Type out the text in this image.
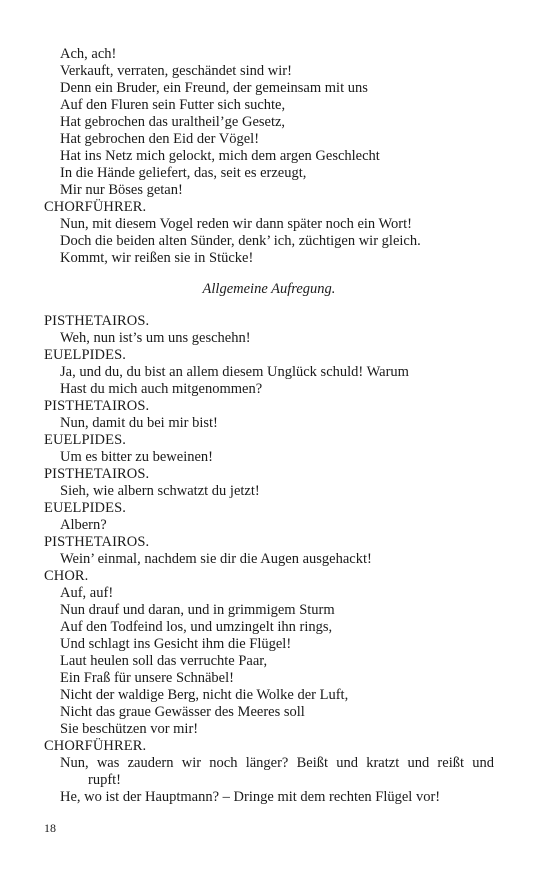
Ach, ach!
Verkauft, verraten, geschändet sind wir!
Denn ein Bruder, ein Freund, der gemeinsam mit uns
Auf den Fluren sein Futter sich suchte,
Hat gebrochen das uraltheil’ge Gesetz,
Hat gebrochen den Eid der Vögel!
Hat ins Netz mich gelockt, mich dem argen Geschlecht
In die Hände geliefert, das, seit es erzeugt,
Mir nur Böses getan!
CHORFÜHRER.
Nun, mit diesem Vogel reden wir dann später noch ein Wort!
Doch die beiden alten Sünder, denk’ ich, züchtigen wir gleich.
Kommt, wir reißen sie in Stücke!
Allgemeine Aufregung.
PISTHETAIROS.
Weh, nun ist’s um uns geschehn!
EUELPIDES.
Ja, und du, du bist an allem diesem Unglück schuld! Warum
Hast du mich auch mitgenommen?
PISTHETAIROS.
Nun, damit du bei mir bist!
EUELPIDES.
Um es bitter zu beweinen!
PISTHETAIROS.
Sieh, wie albern schwatzt du jetzt!
EUELPIDES.
Albern?
PISTHETAIROS.
Wein’ einmal, nachdem sie dir die Augen ausgehackt!
CHOR.
Auf, auf!
Nun drauf und daran, und in grimmigem Sturm
Auf den Todfeind los, und umzingelt ihn rings,
Und schlagt ins Gesicht ihm die Flügel!
Laut heulen soll das verruchte Paar,
Ein Fraß für unsere Schnäbel!
Nicht der waldige Berg, nicht die Wolke der Luft,
Nicht das graue Gewässer des Meeres soll
Sie beschützen vor mir!
CHORFÜHRER.
Nun, was zaudern wir noch länger? Beißt und kratzt und reißt und
rupft!
He, wo ist der Hauptmann? – Dringe mit dem rechten Flügel vor!
18
